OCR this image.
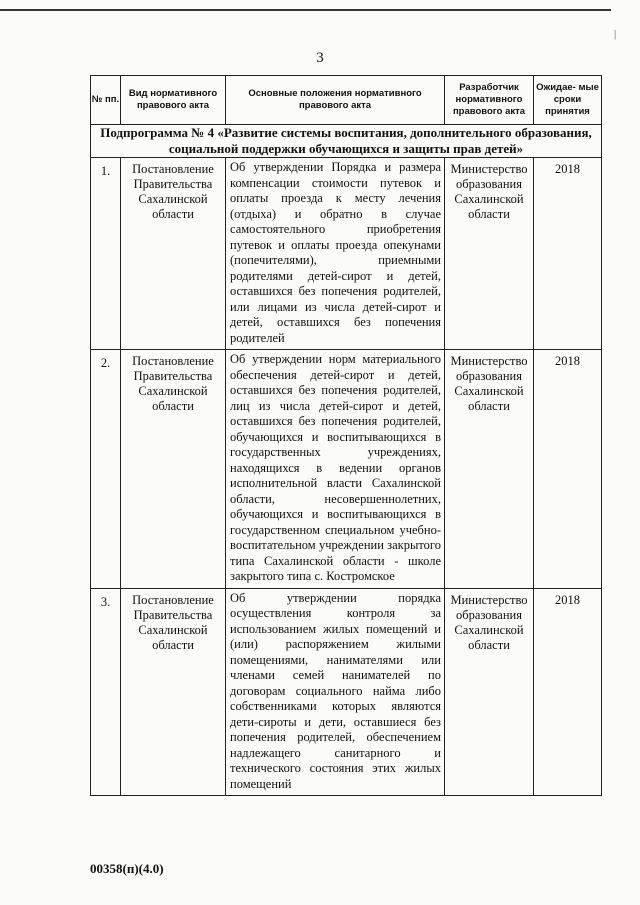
|
3
№ пп.	Вид нормативного правового акта	Основные положения нормативного правового акта	Разработчик нормативного правового акта	Ожидае- мые сроки принятия
Подпрограмма № 4 «Развитие системы воспитания, дополнительного образования, социальной поддержки обучающихся и защиты прав детей»				
1.	Постановление Правительства Сахалинской области	Об утверждении Порядка и размера компенсации стоимости путевок и оплаты проезда к месту лечения (отдыха) и обратно в случае самостоятельного приобретения путевок и оплаты проезда опекунами (попечителями), приемными родителями детей-сирот и детей, оставшихся без попечения родителей, или лицами из числа детей-сирот и детей, оставшихся без попечения родителей	Министерство образования Сахалинской области	2018
2.	Постановление Правительства Сахалинской области	Об утверждении норм материального обеспечения детей-сирот и детей, оставшихся без попечения родителей, лиц из числа детей-сирот и детей, оставшихся без попечения родителей, обучающихся и воспитывающихся в государственных учреждениях, находящихся в ведении органов исполнительной власти Сахалинской области, несовершеннолетних, обучающихся и воспитывающихся в государственном специальном учебно-воспитательном учреждении закрытого типа Сахалинской области - школе закрытого типа с. Костромское	Министерство образования Сахалинской области	2018
3.	Постановление Правительства Сахалинской области	Об утверждении порядка осуществления контроля за использованием жилых помещений и (или) распоряжением жилыми помещениями, нанимателями или членами семей нанимателей по договорам социального найма либо собственниками которых являются дети-сироты и дети, оставшиеся без попечения родителей, обеспечением надлежащего санитарного и технического состояния этих жилых помещений	Министерство образования Сахалинской области	2018
00358(п)(4.0)
